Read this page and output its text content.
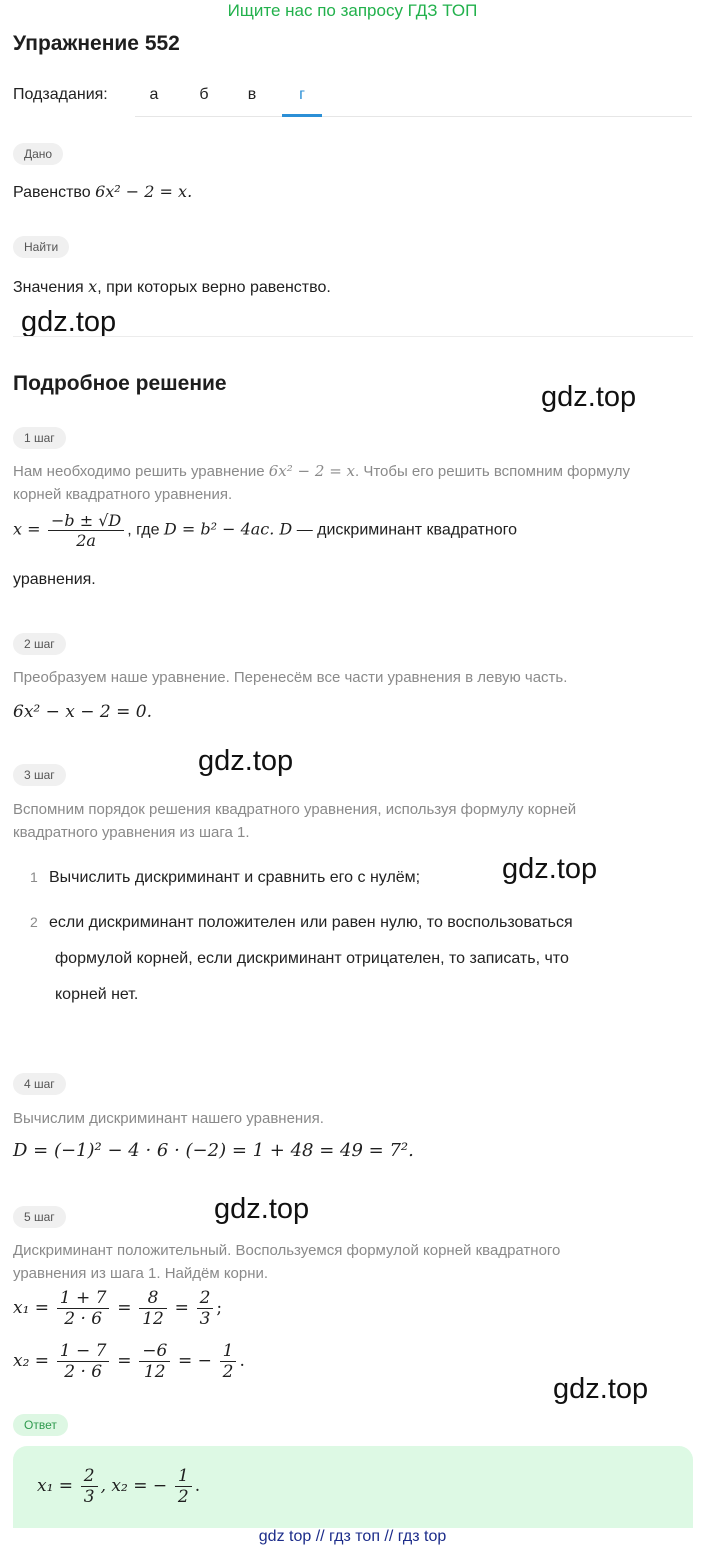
Ищите нас по запросу ГДЗ ТОП
Упражнение 552
Подзадания:	а	б	в	г
Дано
Равенство 6x² − 2 = x.
Найти
Значения x, при которых верно равенство.
gdz.top
Подробное решение	gdz.top
1 шаг
Нам необходимо решить уравнение 6x² − 2 = x. Чтобы его решить вспомним формулу
корней квадратного уравнения.
$x = \frac{-b \pm √D}{2a}$ , где D = b² − 4ac. D — дискриминант квадратного
уравнения.
2 шаг
Преобразуем наше уравнение. Перенесём все части уравнения в левую часть.
6x² − x − 2 = 0.
gdz.top
3 шаг
Вспомним порядок решения квадратного уравнения, используя формулу корней
квадратного уравнения из шага 1.
1 Вычислить дискриминант и сравнить его с нулём;	gdz.top
2 если дискриминант положителен или равен нулю, то воспользоваться
формулой корней, если дискриминант отрицателен, то записать, что
корней нет.
4 шаг
Вычислим дискриминант нашего уравнения.
D = (−1)² − 4 · 6 · (−2) = 1 + 48 = 49 = 7².
5 шаг	gdz.top
Дискриминант положительный. Воспользуемся формулой корней квадратного
уравнения из шага 1. Найдём корни.
$x_1 = \frac{1 + 7}{2 \cdot 6} = \frac{8}{12} = \frac{2}{3}$ ;
$x_2 = \frac{1 - 7}{2 \cdot 6} = \frac{-6}{12}$ = − $\frac{1}{2}$ .
gdz.top
Ответ
$x_1 = \frac{2}{3}$ , x₂ = − $\frac{1}{2}$ .
gdz top // гдз топ // гдз top
